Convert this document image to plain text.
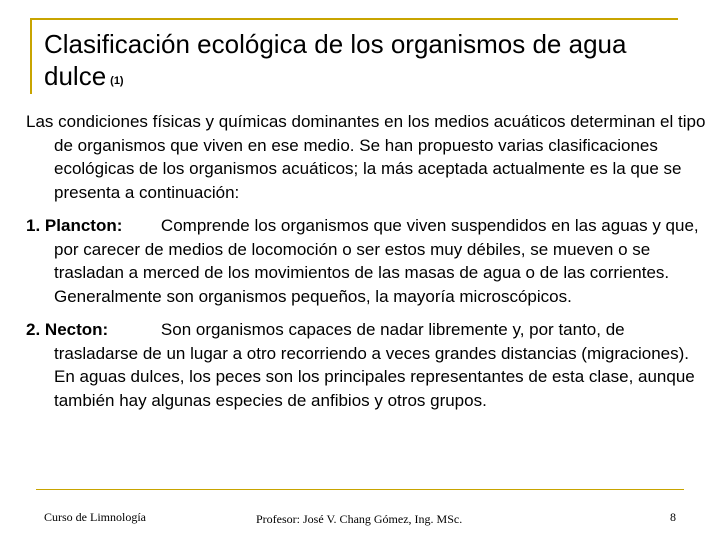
Clasificación ecológica de los organismos de agua dulce (1)

Las condiciones físicas y químicas dominantes en los medios acuáticos determinan el tipo de organismos que viven en ese medio. Se han propuesto varias clasificaciones ecológicas de los organismos acuáticos; la más aceptada actualmente es la que se presenta a continuación:

1. Plancton: Comprende los organismos que viven suspendidos en las aguas y que, por carecer de medios de locomoción o ser estos muy débiles, se mueven o se trasladan a merced de los movimientos de las masas de agua o de las corrientes. Generalmente son organismos pequeños, la mayoría microscópicos.

2. Necton:	Son organismos capaces de nadar libremente y, por tanto, de trasladarse de un lugar a otro recorriendo a veces grandes distancias (migraciones). En aguas dulces, los peces son los principales representantes de esta clase, aunque también hay algunas especies de anfibios y otros grupos.

Curso de Limnología	Profesor: José V. Chang Gómez, Ing. MSc.	8
